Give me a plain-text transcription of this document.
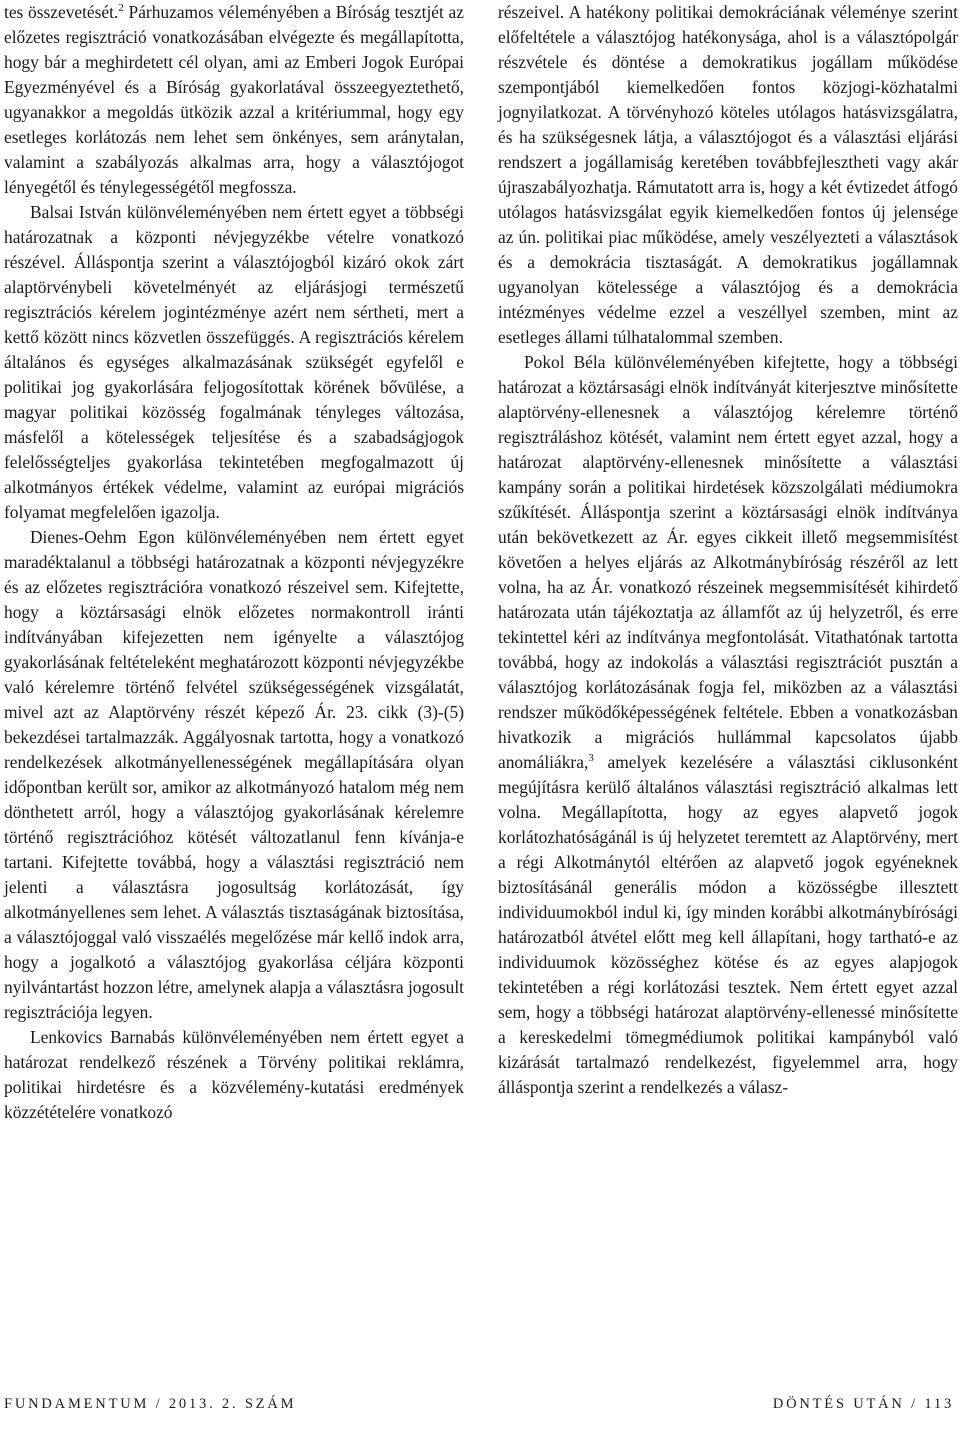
tes összevetését.$^2$ Párhuzamos véleményében a Bíróság tesztjét az előzetes regisztráció vonatkozásában elvégezte és megállapította, hogy bár a meghirdetett cél olyan, ami az Emberi Jogok Európai Egyezményével és a Bíróság gyakorlatával összeegyeztethető, ugyanakkor a megoldás ütközik azzal a kritériummal, hogy egy esetleges korlátozás nem lehet sem önkényes, sem aránytalan, valamint a szabályozás alkalmas arra, hogy a választójogot lényegétől és ténylegességétől megfossza.

Balsai István különvéleményében nem értett egyet a többségi határozatnak a központi névjegyzékbe vételre vonatkozó részével. Álláspontja szerint a választójogból kizáró okok zárt alaptörvénybeli követelményét az eljárásjogi természetű regisztrációs kérelem jogintézménye azért nem sértheti, mert a kettő között nincs közvetlen összefüggés. A regisztrációs kérelem általános és egységes alkalmazásának szükségét egyfelől e politikai jog gyakorlására feljogosítottak körének bővülése, a magyar politikai közösség fogalmának tényleges változása, másfelől a kötelességek teljesítése és a szabadságjogok felelősségteljes gyakorlása tekintetében megfogalmazott új alkotmányos értékek védelme, valamint az európai migrációs folyamat megfelelően igazolja.

Dienes-Oehm Egon különvéleményében nem értett egyet maradéktalanul a többségi határozatnak a központi névjegyzékre és az előzetes regisztrációra vonatkozó részeivel sem. Kifejtette, hogy a köztársasági elnök előzetes normakontroll iránti indítványában kifejezetten nem igényelte a választójog gyakorlásának feltételeként meghatározott központi névjegyzékbe való kérelemre történő felvétel szükségességének vizsgálatát, mivel azt az Alaptörvény részét képező Ár. 23. cikk (3)-(5) bekezdései tartalmazzák. Aggályosnak tartotta, hogy a vonatkozó rendelkezések alkotmányellenességének megállapítására olyan időpontban került sor, amikor az alkotmányozó hatalom még nem dönthetett arról, hogy a választójog gyakorlásának kérelemre történő regisztrációhoz kötését változatlanul fenn kívánja-e tartani. Kifejtette továbbá, hogy a választási regisztráció nem jelenti a választásra jogosultság korlátozását, így alkotmányellenes sem lehet. A választás tisztaságának biztosítása, a választójoggal való visszaélés megelőzése már kellő indok arra, hogy a jogalkotó a választójog gyakorlása céljára központi nyilvántartást hozzon létre, amelynek alapja a választásra jogosult regisztrációja legyen.

Lenkovics Barnabás különvéleményében nem értett egyet a határozat rendelkező részének a Törvény politikai reklámra, politikai hirdetésre és a közvélemény-kutatási eredmények közzétételére vonatkozó

részeivel. A hatékony politikai demokráciának véleménye szerint előfeltétele a választójog hatékonysága, ahol is a választópolgár részvétele és döntése a demokratikus jogállam működése szempontjából kiemelkedően fontos közjogi-közhatalmi jognyilatkozat. A törvényhozó köteles utólagos hatásvizsgálatra, és ha szükségesnek látja, a választójogot és a választási eljárási rendszert a jogállamiság keretében továbbfejlesztheti vagy akár újraszabályozhatja. Rámutatott arra is, hogy a két évtizedet átfogó utólagos hatásvizsgálat egyik kiemelkedően fontos új jelensége az ún. politikai piac működése, amely veszélyezteti a választások és a demokrácia tisztaságát. A demokratikus jogállamnak ugyanolyan kötelessége a választójog és a demokrácia intézményes védelme ezzel a veszéllyel szemben, mint az esetleges állami túlhatalommal szemben.

Pokol Béla különvéleményében kifejtette, hogy a többségi határozat a köztársasági elnök indítványát kiterjesztve minősítette alaptörvény-ellenesnek a választójog kérelemre történő regisztráláshoz kötését, valamint nem értett egyet azzal, hogy a határozat alaptörvény-ellenesnek minősítette a választási kampány során a politikai hirdetések közszolgálati médiumokra szűkítését. Álláspontja szerint a köztársasági elnök indítványa után bekövetkezett az Ár. egyes cikkeit illető megsemmisítést követően a helyes eljárás az Alkotmánybíróság részéről az lett volna, ha az Ár. vonatkozó részeinek megsemmisítését kihirdető határozata után tájékoztatja az államfőt az új helyzetről, és erre tekintettel kéri az indítványa megfontolását. Vitathatónak tartotta továbbá, hogy az indokolás a választási regisztrációt pusztán a választójog korlátozásának fogja fel, miközben az a választási rendszer működőképességének feltétele. Ebben a vonatkozásban hivatkozik a migrációs hullámmal kapcsolatos újabb anomáliákra,$^3$ amelyek kezelésére a választási ciklusonként megújításra kerülő általános választási regisztráció alkalmas lett volna. Megállapította, hogy az egyes alapvető jogok korlátozhatóságánál is új helyzetet teremtett az Alaptörvény, mert a régi Alkotmánytól eltérően az alapvető jogok egyéneknek biztosításánál generális módon a közösségbe illesztett individuumokból indul ki, így minden korábbi alkotmánybírósági határozatból átvétel előtt meg kell állapítani, hogy tartható-e az individuumok közösséghez kötése és az egyes alapjogok tekintetében a régi korlátozási tesztek. Nem értett egyet azzal sem, hogy a többségi határozat alaptörvény-ellenessé minősítette a kereskedelmi tömegmédiumok politikai kampányból való kizárását tartalmazó rendelkezést, figyelemmel arra, hogy álláspontja szerint a rendelkezés a válasz-

FUNDAMENTUM / 2013. 2. SZÁM	DÖNTÉS UTÁN / 113
